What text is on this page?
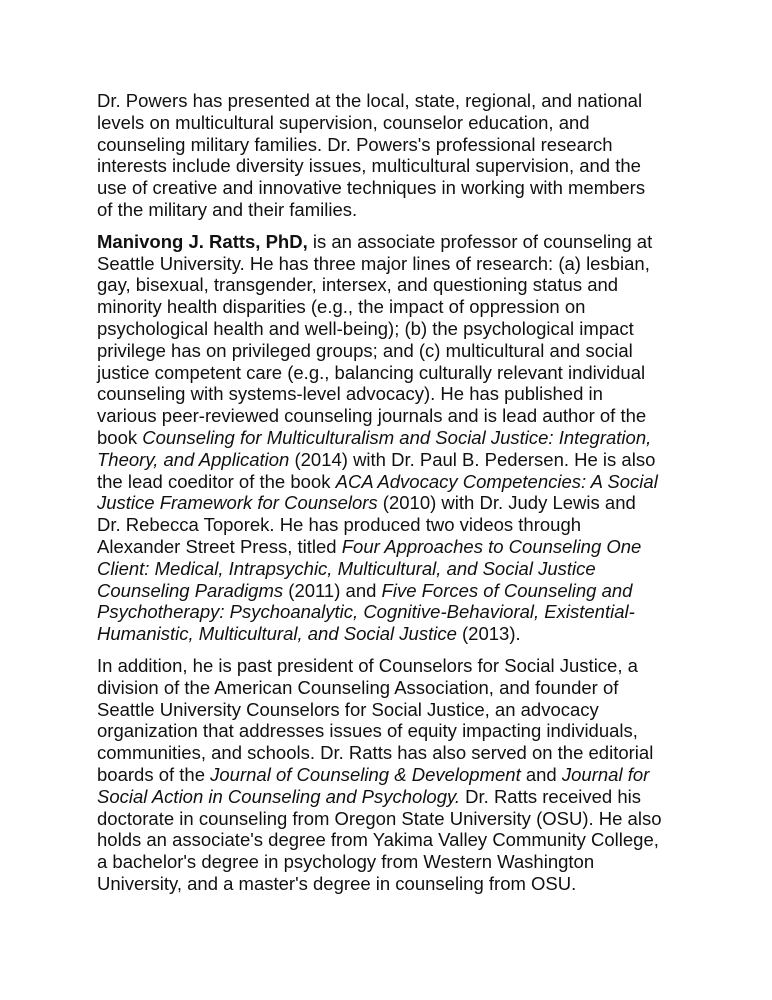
Dr. Powers has presented at the local, state, regional, and national
levels on multicultural supervision, counselor education, and
counseling military families. Dr. Powers's professional research
interests include diversity issues, multicultural supervision, and the
use of creative and innovative techniques in working with members
of the military and their families.

Manivong J. Ratts, PhD, is an associate professor of counseling at
Seattle University. He has three major lines of research: (a) lesbian,
gay, bisexual, transgender, intersex, and questioning status and
minority health disparities (e.g., the impact of oppression on
psychological health and well-being); (b) the psychological impact
privilege has on privileged groups; and (c) multicultural and social
justice competent care (e.g., balancing culturally relevant individual
counseling with systems-level advocacy). He has published in
various peer-reviewed counseling journals and is lead author of the
book Counseling for Multiculturalism and Social Justice: Integration,
Theory, and Application (2014) with Dr. Paul B. Pedersen. He is also
the lead coeditor of the book ACA Advocacy Competencies: A Social
Justice Framework for Counselors (2010) with Dr. Judy Lewis and
Dr. Rebecca Toporek. He has produced two videos through
Alexander Street Press, titled Four Approaches to Counseling One
Client: Medical, Intrapsychic, Multicultural, and Social Justice
Counseling Paradigms (2011) and Five Forces of Counseling and
Psychotherapy: Psychoanalytic, Cognitive-Behavioral, Existential-
Humanistic, Multicultural, and Social Justice (2013).

In addition, he is past president of Counselors for Social Justice, a
division of the American Counseling Association, and founder of
Seattle University Counselors for Social Justice, an advocacy
organization that addresses issues of equity impacting individuals,
communities, and schools. Dr. Ratts has also served on the editorial
boards of the Journal of Counseling & Development and Journal for
Social Action in Counseling and Psychology. Dr. Ratts received his
doctorate in counseling from Oregon State University (OSU). He also
holds an associate's degree from Yakima Valley Community College,
a bachelor's degree in psychology from Western Washington
University, and a master's degree in counseling from OSU.
